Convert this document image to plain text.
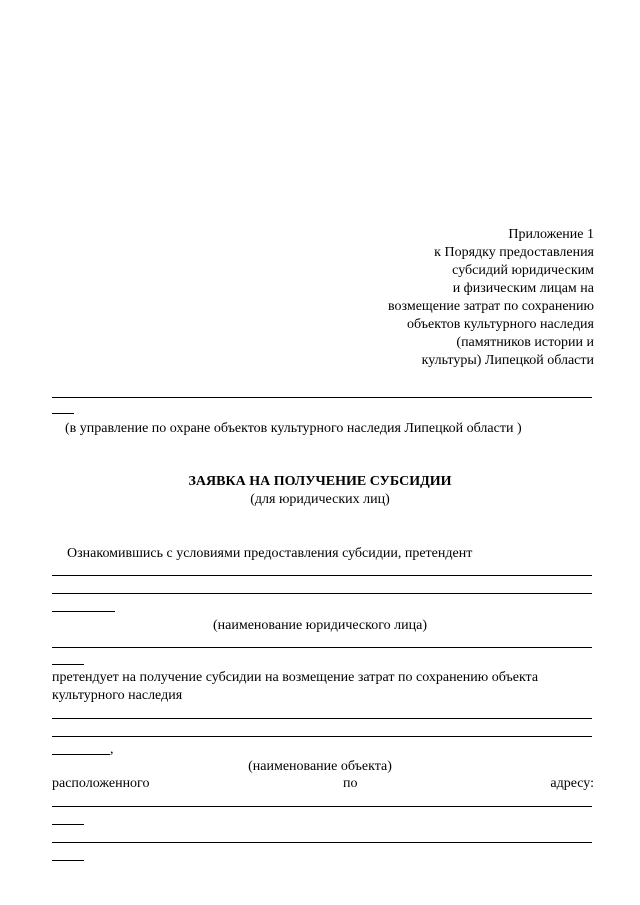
Приложение 1
к Порядку предоставления
субсидий юридическим
и физическим лицам на
возмещение затрат по сохранению
объектов культурного наследия
(памятников истории и
культуры) Липецкой области
(в управление по охране объектов культурного наследия Липецкой области )
ЗАЯВКА НА ПОЛУЧЕНИЕ СУБСИДИИ
(для юридических лиц)
Ознакомившись с условиями предоставления субсидии, претендент
(наименование юридического лица)
претендует на получение субсидии на возмещение затрат по сохранению объекта
культурного наследия
,
(наименование объекта)
расположенного	по	адресу:
